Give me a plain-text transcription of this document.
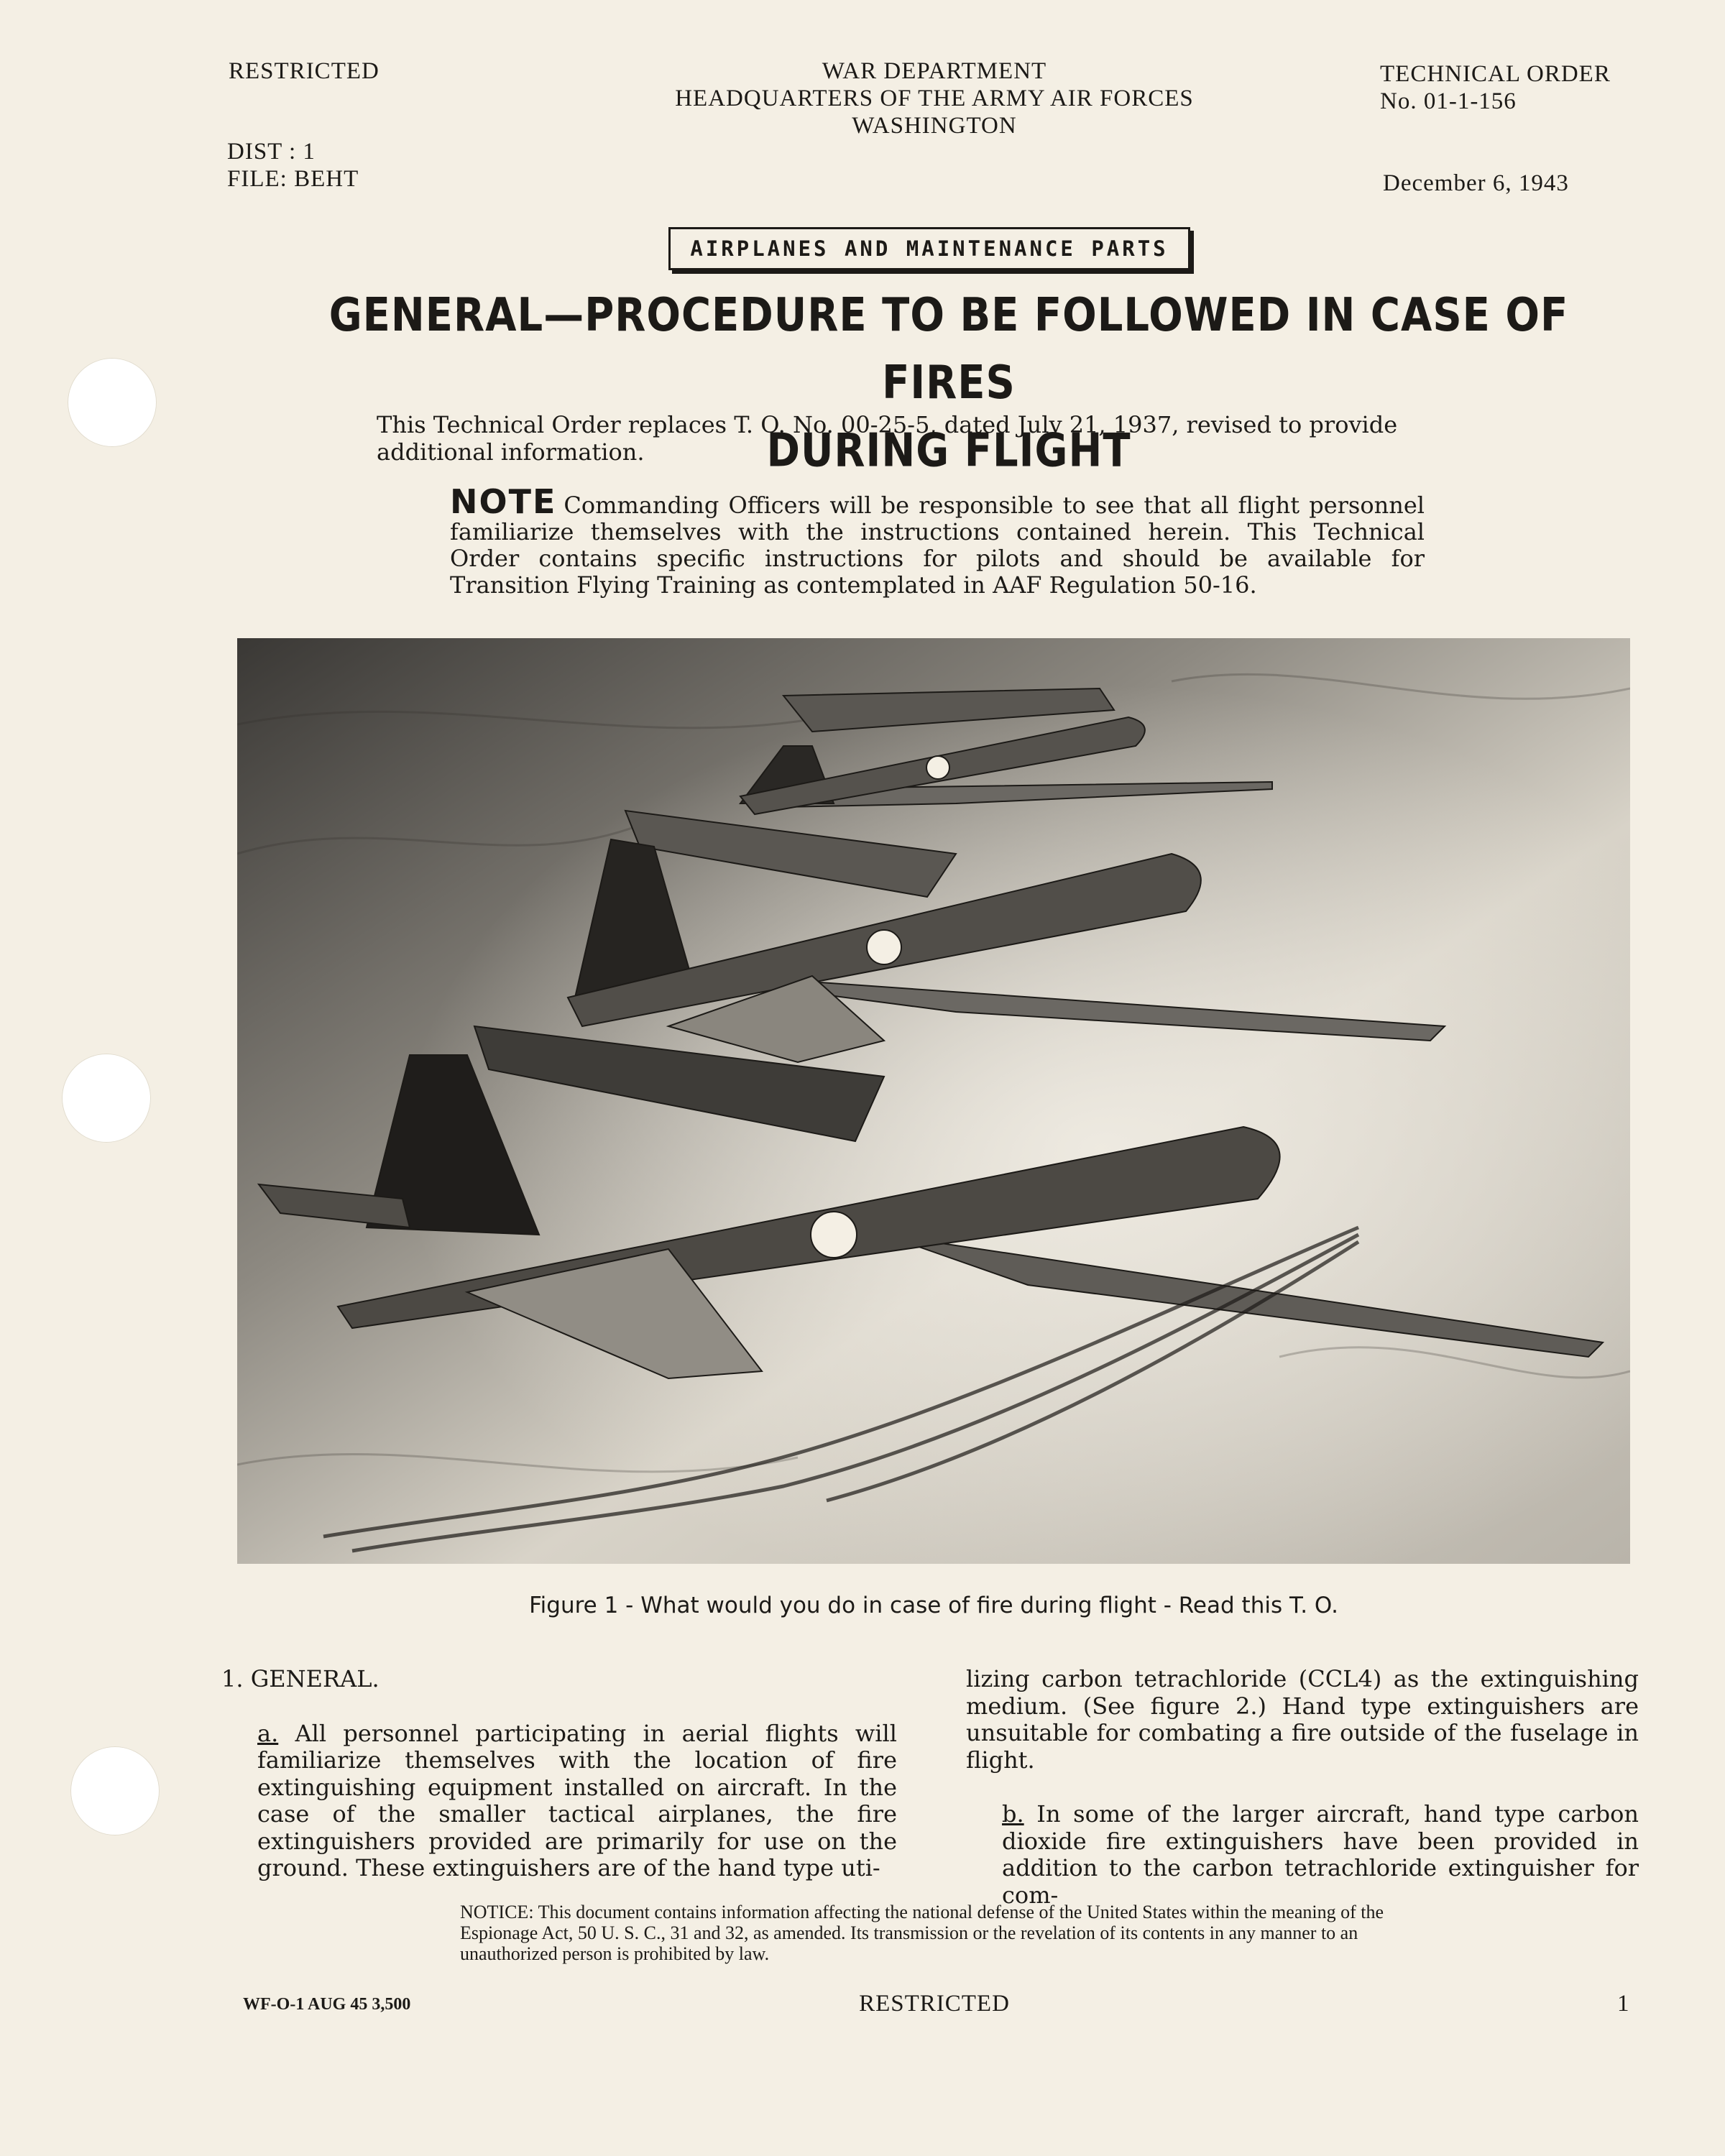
RESTRICTED	WAR DEPARTMENT
HEADQUARTERS OF THE ARMY AIR FORCES
WASHINGTON
TECHNICAL ORDER
No. 01-1-156
DIST : 1
FILE: BEHT	December 6, 1943
AIRPLANES AND MAINTENANCE PARTS
GENERAL—PROCEDURE TO BE FOLLOWED IN CASE OF FIRES
DURING FLIGHT
This Technical Order replaces T. O. No. 00-25-5, dated July 21, 1937, revised to provide additional information.
NOTE Commanding Officers will be responsible to see that all flight personnel familiarize themselves with the instructions contained herein. This Technical Order contains specific instructions for pilots and should be available for Transition Flying Training as contemplated in AAF Regulation 50-16.
Figure 1 - What would you do in case of fire during flight - Read this T. O.

1. GENERAL.

a. All personnel participating in aerial flights will familiarize themselves with the location of fire extinguishing equipment installed on aircraft. In the case of the smaller tactical airplanes, the fire extinguishers provided are primarily for use on the ground. These extinguishers are of the hand type uti-

lizing carbon tetrachloride (CCL4) as the extinguishing medium. (See figure 2.) Hand type extinguishers are unsuitable for combating a fire outside of the fuselage in flight.

b. In some of the larger aircraft, hand type carbon dioxide fire extinguishers have been provided in addition to the carbon tetrachloride extinguisher for com-

NOTICE: This document contains information affecting the national defense of the United States within the meaning of the Espionage Act, 50 U. S. C., 31 and 32, as amended. Its transmission or the revelation of its contents in any manner to an unauthorized person is prohibited by law.
WF-O-1 AUG 45 3,500	RESTRICTED	1
